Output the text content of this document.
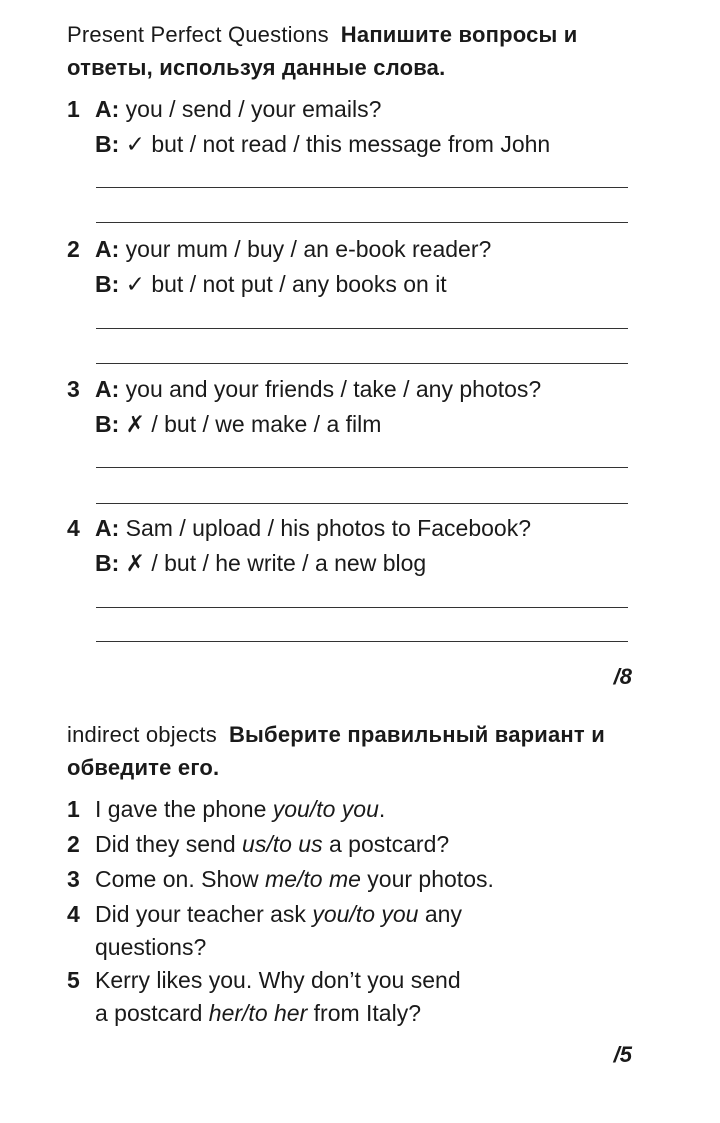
Present Perfect Questions Напишите вопросы и ответы, используя данные слова.
1 A: you / send / your emails?
B: ✓ but / not read / this message from John
2 A: your mum / buy / an e-book reader?
B: ✓ but / not put / any books on it
3 A: you and your friends / take / any photos?
B: ✗ / but / we make / a film
4 A: Sam / upload / his photos to Facebook?
B: ✗ / but / he write / a new blog
/8
indirect objects Выберите правильный вариант и обведите его.
1 I gave the phone you/to you.
2 Did they send us/to us a postcard?
3 Come on. Show me/to me your photos.
4 Did your teacher ask you/to you any
questions?
5 Kerry likes you. Why don’t you send
a postcard her/to her from Italy?
/5
